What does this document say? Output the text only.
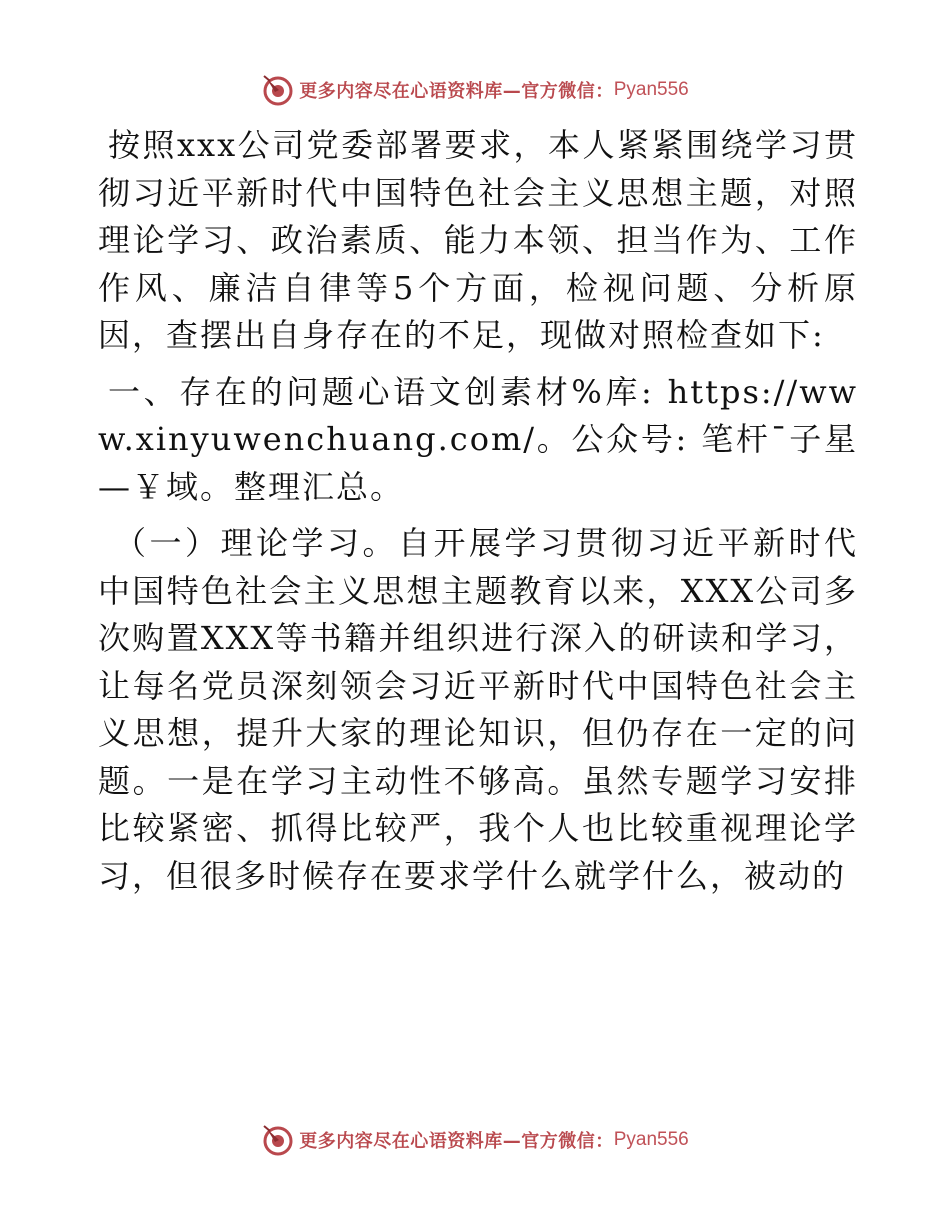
更多内容尽在心语资料库—官方微信： Pyan556

按照xxx公司党委部署要求，本人紧紧围绕学习贯彻习近平新时代中国特色社会主义思想主题，对照理论学习、政治素质、能力本领、担当作为、工作作风、廉洁自律等5个方面，检视问题、分析原因，查摆出自身存在的不足，现做对照检查如下:

一、存在的问题心语文创素材%库: https://www.xinyuwenchuang.com/。公众号: 笔杆¯子星—￥域。整理汇总。

（一）理论学习。自开展学习贯彻习近平新时代中国特色社会主义思想主题教育以来，XXX公司多次购置XXX等书籍并组织进行深入的研读和学习，让每名党员深刻领会习近平新时代中国特色社会主义思想，提升大家的理论知识，但仍存在一定的问题。一是在学习主动性不够高。虽然专题学习安排比较紧密、抓得比较严，我个人也比较重视理论学习，但很多时候存在要求学什么就学什么，被动的

更多内容尽在心语资料库—官方微信： Pyan556
